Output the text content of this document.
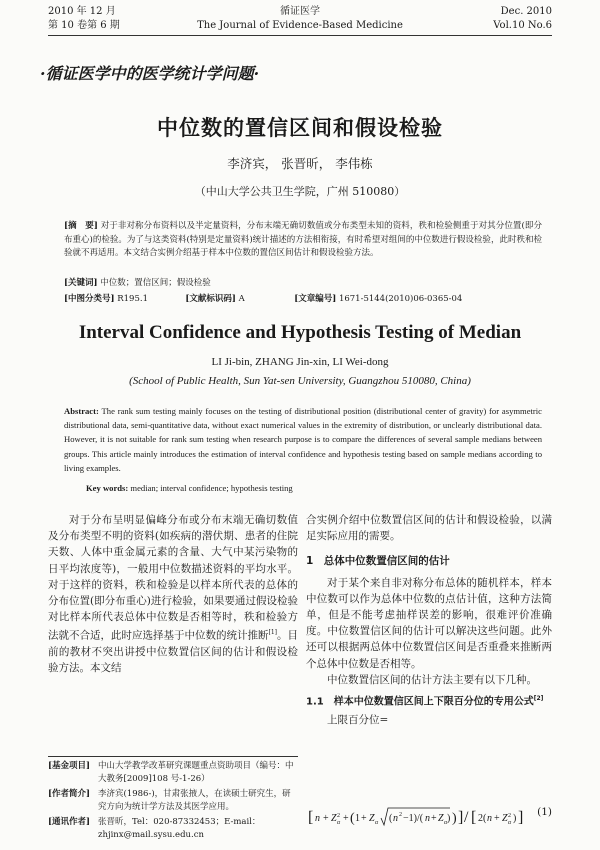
2010 年 12 月
第 10 卷第 6 期
循证医学
The Journal of Evidence-Based Medicine
Dec. 2010
Vol.10 No.6
·循证医学中的医学统计学问题·
中位数的置信区间和假设检验
李济宾， 张晋昕， 李伟栋
（中山大学公共卫生学院，广州 510080）
[摘　要] 对于非对称分布资料以及半定量资料，分布末端无确切数值或分布类型未知的资料，秩和检验侧重于对其分位置(即分布重心)的检验。为了与这类资料(特别是定量资料)统计描述的方法相衔接，有时希望对组间的中位数进行假设检验，此时秩和检验就不再适用。本文结合实例介绍基于样本中位数的置信区间估计和假设检验方法。
[关键词] 中位数；置信区间；假设检验
[中图分类号] R195.1	[文献标识码] A	[文章编号] 1671-5144(2010)06-0365-04
Interval Confidence and Hypothesis Testing of Median
LI Ji-bin, ZHANG Jin-xin, LI Wei-dong
(School of Public Health, Sun Yat-sen University, Guangzhou 510080, China)
Abstract: The rank sum testing mainly focuses on the testing of distributional position (distributional center of gravity) for asymmetric distributional data, semi-quantitative data, without exact numerical values in the extremity of distribution, or unclearly distributional data. However, it is not suitable for rank sum testing when research purpose is to compare the differences of several sample medians between groups. This article mainly introduces the estimation of interval confidence and hypothesis testing based on sample medians according to living examples.
Key words: median; interval confidence; hypothesis testing

对于分布呈明显偏峰分布或分布末端无确切数值及分布类型不明的资料(如疾病的潜伏期、患者的住院天数、人体中重金属元素的含量、大气中某污染物的日平均浓度等)，一般用中位数描述资料的平均水平。对于这样的资料，秩和检验是以样本所代表的总体的分布位置(即分布重心)进行检验，如果要通过假设检验对比样本所代表总体中位数是否相等时，秩和检验方法就不合适，此时应选择基于中位数的统计推断[1]。目前的教材不突出讲授中位数置信区间的估计和假设检验方法。本文结

[基金项目] 中山大学教学改革研究课题重点资助项目（编号：中大教务[2009]108 号-1-26）
[作者简介] 李济宾(1986-)，甘肃张掖人，在读硕士研究生，研究方向为统计学方法及其医学应用。
[通讯作者] 张晋昕，Tel：020-87332453；E-mail：zhjinx@mail.sysu.edu.cn
合实例介绍中位数置信区间的估计和假设检验，以满足实际应用的需要。
1　总体中位数置信区间的估计

对于某个来自非对称分布总体的随机样本，样本中位数可以作为总体中位数的点估计值，这种方法简单，但是不能考虑抽样误差的影响，很难评价准确度。中位数置信区间的估计可以解决这些问题。此外还可以根据两总体中位数置信区间是否重叠来推断两个总体中位数是否相等。

中位数置信区间的估计方法主要有以下几种。

1.1　样本中位数置信区间上下限百分位的专用公式[2]
上限百分位=
[ n + Z 2
α + ( 1 + Z α ( n 2 −1)/( n + Z α ) ) ] / [ 2( n + Z 2
α ) ] (1)
